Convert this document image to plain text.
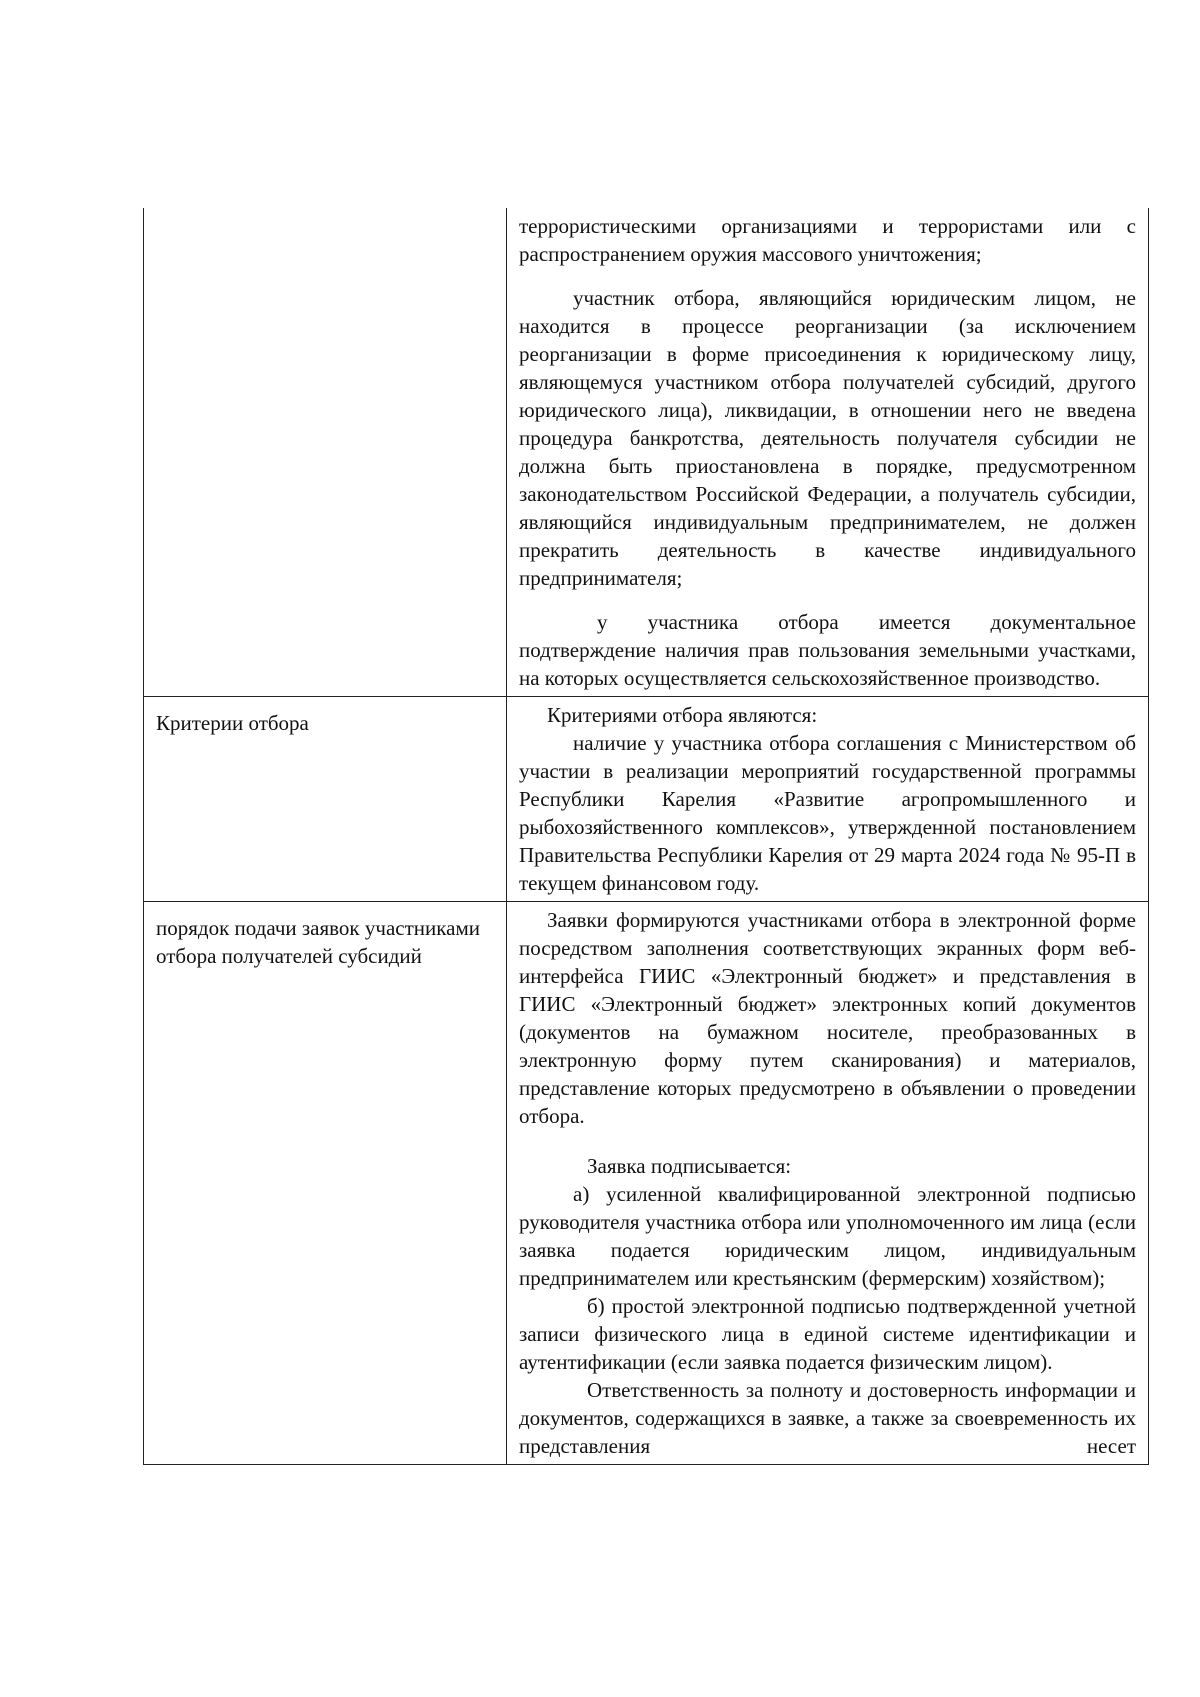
	террористическими организациями и террористами или с распространением оружия массового уничтожения;

участник отбора, являющийся юридическим лицом, не находится в процессе реорганизации (за исключением реорганизации в форме присоединения к юридическому лицу, являющемуся участником отбора получателей субсидий, другого юридического лица), ликвидации, в отношении него не введена процедура банкротства, деятельность получателя субсидии не должна быть приостановлена в порядке, предусмотренном законодательством Российской Федерации, а получатель субсидии, являющийся индивидуальным предпринимателем, не должен прекратить деятельность в качестве индивидуального предпринимателя;

у участника отбора имеется документальное подтверждение наличия прав пользования земельными участками, на которых осуществляется сельскохозяйственное производство.

Критерии отбора	Критериями отбора являются:

наличие у участника отбора соглашения с Министерством об участии в реализации мероприятий государственной программы Республики Карелия «Развитие агропромышленного и рыбохозяйственного комплексов», утвержденной постановлением Правительства Республики Карелия от 29 марта 2024 года № 95-П в текущем финансовом году.

порядок подачи заявок участниками отбора получателей субсидий	Заявки формируются участниками отбора в электронной форме посредством заполнения соответствующих экранных форм веб-интерфейса ГИИС «Электронный бюджет» и представления в ГИИС «Электронный бюджет» электронных копий документов (документов на бумажном носителе, преобразованных в электронную форму путем сканирования) и материалов, представление которых предусмотрено в объявлении о проведении отбора.

Заявка подписывается:

а) усиленной квалифицированной электронной подписью руководителя участника отбора или уполномоченного им лица (если заявка подается юридическим лицом, индивидуальным предпринимателем или крестьянским (фермерским) хозяйством);

б) простой электронной подписью подтвержденной учетной записи физического лица в единой системе идентификации и аутентификации (если заявка подается физическим лицом).

Ответственность за полноту и достоверность информации и документов, содержащихся в заявке, а также за своевременность их представления несет
